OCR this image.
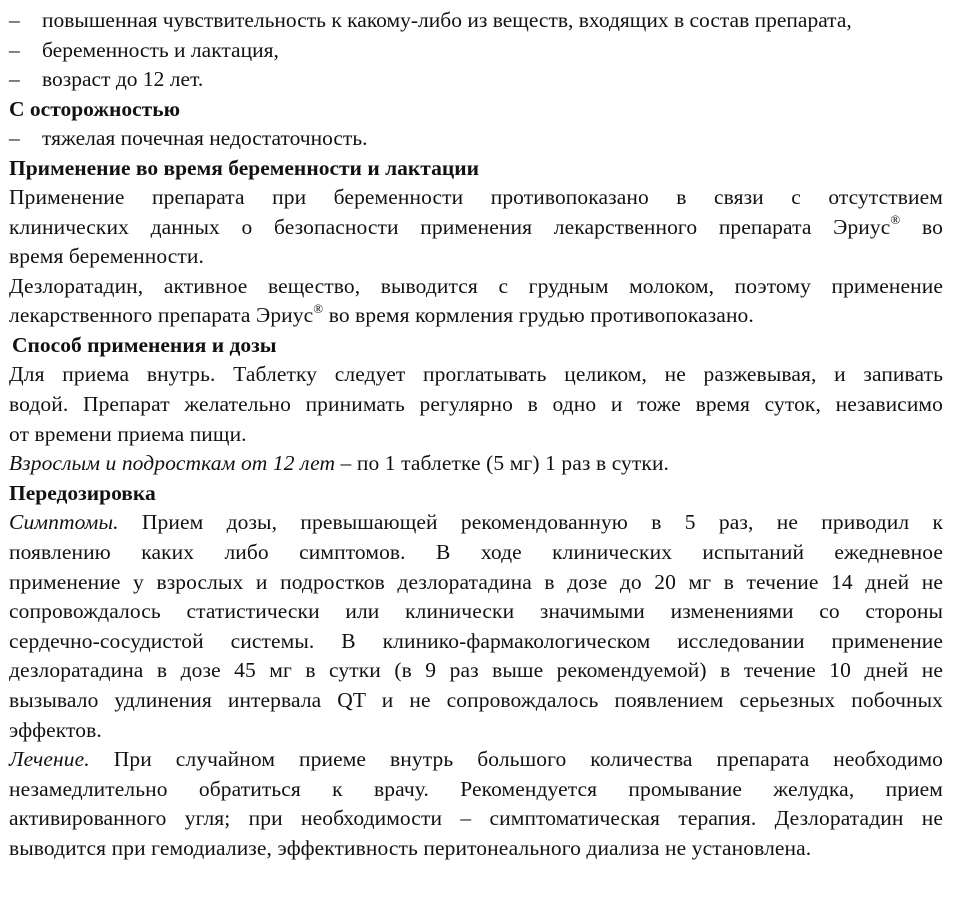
–	повышенная чувствительность к какому-либо из веществ, входящих в состав препарата,
–	беременность и лактация,
–	возраст до 12 лет.
С осторожностью
–	тяжелая почечная недостаточность.
Применение во время беременности и лактации
Применение препарата при беременности противопоказано в связи с отсутствием
клинических данных о безопасности применения лекарственного препарата Эриус® во
время беременности.
Дезлоратадин, активное вещество, выводится с грудным молоком, поэтому применение
лекарственного препарата Эриус® во время кормления грудью противопоказано.
Способ применения и дозы
Для приема внутрь. Таблетку следует проглатывать целиком, не разжевывая, и запивать
водой. Препарат желательно принимать регулярно в одно и тоже время суток, независимо
от времени приема пищи.
Взрослым и подросткам от 12 лет – по 1 таблетке (5 мг) 1 раз в сутки.
Передозировка
Симптомы. Прием дозы, превышающей рекомендованную в 5 раз, не приводил к
появлению каких либо симптомов. В ходе клинических испытаний ежедневное
применение у взрослых и подростков дезлоратадина в дозе до 20 мг в течение 14 дней не
сопровождалось статистически или клинически значимыми изменениями со стороны
сердечно-сосудистой системы. В клинико-фармакологическом исследовании применение
дезлоратадина в дозе 45 мг в сутки (в 9 раз выше рекомендуемой) в течение 10 дней не
вызывало удлинения интервала QT и не сопровождалось появлением серьезных побочных
эффектов.
Лечение. При случайном приеме внутрь большого количества препарата необходимо
незамедлительно обратиться к врачу. Рекомендуется промывание желудка, прием
активированного угля; при необходимости – симптоматическая терапия. Дезлоратадин не
выводится при гемодиализе, эффективность перитонеального диализа не установлена.
